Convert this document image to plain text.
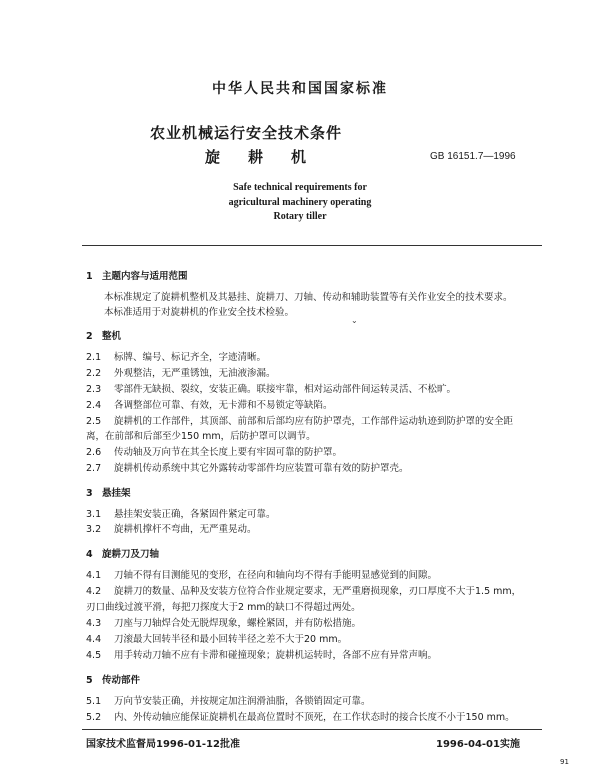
中华人民共和国国家标准
农业机械运行安全技术条件
旋耕机	GB 16151.7—1996
Safe technical requirements for
agricultural machinery operating
Rotary tiller
1 主题内容与适用范围
本标准规定了旋耕机整机及其悬挂、旋耕刀、刀轴、传动和辅助装置等有关作业安全的技术要求。
本标准适用于对旋耕机的作业安全技术检验。
⌄
2 整机
2.1 标牌、编号、标记齐全，字迹清晰。
2.2 外观整洁，无严重锈蚀，无油液渗漏。
2.3 零部件无缺损、裂纹，安装正确。联接牢靠，相对运动部件间运转灵活、不松旷。
2.4 各调整部位可靠、有效，无卡滞和不易锁定等缺陷。
2.5 旋耕机的工作部件，其顶部、前部和后部均应有防护罩壳，工作部件运动轨迹到防护罩的安全距
离，在前部和后部至少150 mm，后防护罩可以调节。
2.6 传动轴及万向节在其全长度上要有牢固可靠的防护罩。
2.7 旋耕机传动系统中其它外露转动零部件均应装置可靠有效的防护罩壳。
3 悬挂架
3.1 悬挂架安装正确，各紧固件紧定可靠。
3.2 旋耕机撑杆不弯曲，无严重晃动。
4 旋耕刀及刀轴
4.1 刀轴不得有目测能见的变形，在径向和轴向均不得有手能明显感觉到的间隙。
4.2 旋耕刀的数量、品种及安装方位符合作业规定要求，无严重磨损现象，刃口厚度不大于1.5 mm，
刃口曲线过渡平滑，每把刀探度大于2 mm的缺口不得超过两处。
4.3 刀座与刀轴焊合处无脱焊现象，螺栓紧固，并有防松措施。
4.4 刀滚最大回转半径和最小回转半径之差不大于20 mm。
4.5 用手转动刀轴不应有卡滞和碰撞现象；旋耕机运转时，各部不应有异常声响。
5 传动部件
5.1 万向节安装正确，并按规定加注润滑油脂，各锁销固定可靠。
5.2 内、外传动轴应能保证旋耕机在最高位置时不顶死，在工作状态时的接合长度不小于150 mm。
国家技术监督局1996-01-12批准	1996-04-01实施
91
